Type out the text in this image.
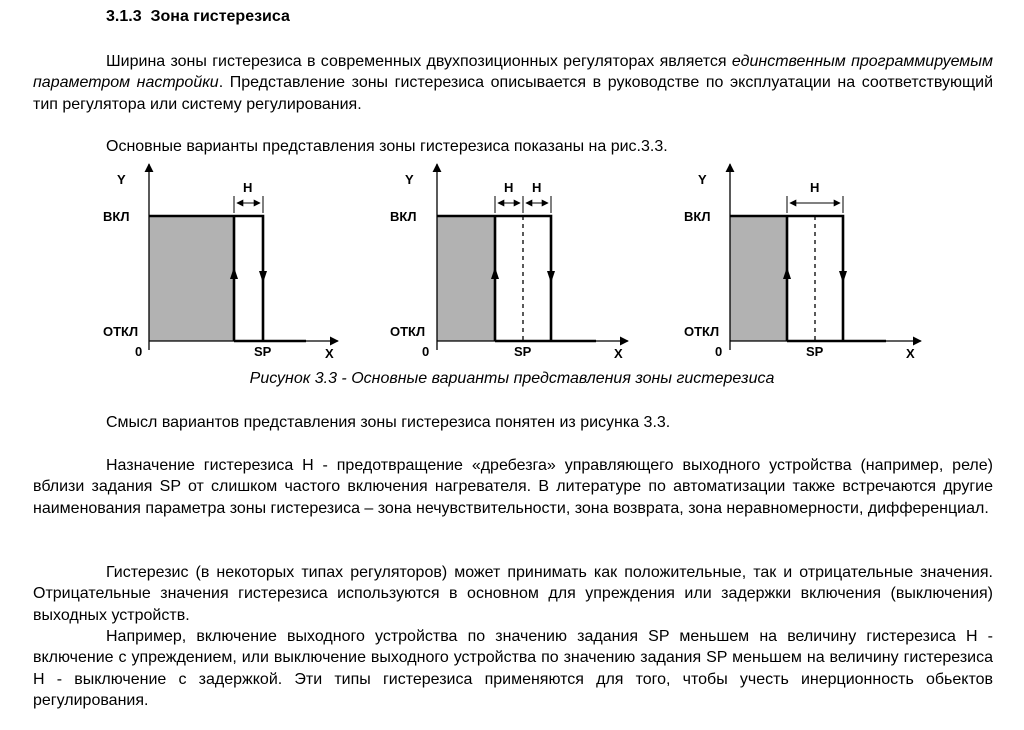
3.1.3 Зона гистерезиса

Ширина зоны гистерезиса в современных двухпозиционных регуляторах является единственным программируемым параметром настройки. Представление зоны гистерезиса описывается в руководстве по эксплуатации на соответствующий тип регулятора или систему регулирования.

Основные варианты представления зоны гистерезиса показаны на рис.3.3.

H
Y
ВКЛ
ОТКЛ
0	SP	X
H H
Y
ВКЛ
ОТКЛ
0	SP	X
H
Y
ВКЛ
ОТКЛ
0	SP	X
Рисунок 3.3 - Основные варианты представления зоны гистерезиса

Смысл вариантов представления зоны гистерезиса понятен из рисунка 3.3.

Назначение гистерезиса Н - предотвращение «дребезга» управляющего выходного устройства (например, реле) вблизи задания SP от слишком частого включения нагревателя. В литературе по автоматизации также встречаются другие наименования параметра зоны гистерезиса – зона нечувствительности, зона возврата, зона неравномерности, дифференциал.

Гистерезис (в некоторых типах регуляторов) может принимать как положительные, так и отрицательные значения. Отрицательные значения гистерезиса используются в основном для упреждения или задержки включения (выключения) выходных устройств.

Например, включение выходного устройства по значению задания SP меньшем на величину гистерезиса Н - включение с упреждением, или выключение выходного устройства по значению задания SP меньшем на величину гистерезиса Н - выключение с задержкой. Эти типы гистерезиса применяются для того, чтобы учесть инерционность обьектов регулирования.
